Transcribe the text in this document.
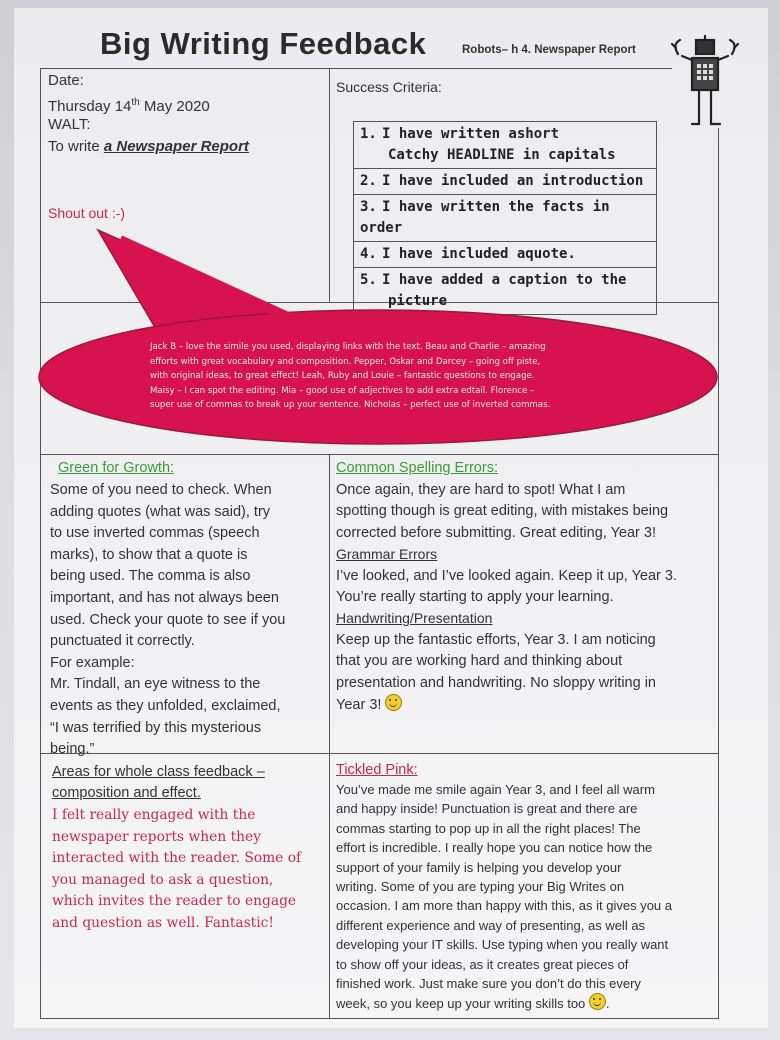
Big Writing Feedback	Robots– h 4. Newspaper Report
Date:
Thursday 14th May 2020
WALT:
To write a Newspaper Report
Shout out :-)
Success Criteria:
1. I have written ashort
Catchy HEADLINE in capitals
2. I have included an introduction
3. I have written the facts in order
4. I have included aquote.
5. I have added a caption to the
picture
Jack B – love the simile you used, displaying links with the text. Beau and Charlie – amazing
efforts with great vocabulary and composition. Pepper, Oskar and Darcey – going off piste,
with original ideas, to great effect! Leah, Ruby and Louie – fantastic questions to engage.
Maisy – I can spot the editing. Mia – good use of adjectives to add extra edtail. Florence –
super use of commas to break up your sentence. Nicholas – perfect use of inverted commas.
Green for Growth:
Some of you need to check. When
adding quotes (what was said), try
to use inverted commas (speech
marks), to show that a quote is
being used. The comma is also
important, and has not always been
used. Check your quote to see if you
punctuated it correctly.
For example:
Mr. Tindall, an eye witness to the
events as they unfolded, exclaimed,
“I was terrified by this mysterious
being.”
Common Spelling Errors:
Once again, they are hard to spot! What I am
spotting though is great editing, with mistakes being
corrected before submitting. Great editing, Year 3!
Grammar Errors
I’ve looked, and I’ve looked again. Keep it up, Year 3.
You’re really starting to apply your learning.
Handwriting/Presentation
Keep up the fantastic efforts, Year 3. I am noticing
that you are working hard and thinking about
presentation and handwriting. No sloppy writing in
Year 3!
Areas for whole class feedback –
composition and effect.
I felt really engaged with the
newspaper reports when they
interacted with the reader. Some of
you managed to ask a question,
which invites the reader to engage
and question as well. Fantastic!
Tickled Pink:
You’ve made me smile again Year 3, and I feel all warm
and happy inside! Punctuation is great and there are
commas starting to pop up in all the right places! The
effort is incredible. I really hope you can notice how the
support of your family is helping you develop your
writing. Some of you are typing your Big Writes on
occasion. I am more than happy with this, as it gives you a
different experience and way of presenting, as well as
developing your IT skills. Use typing when you really want
to show off your ideas, as it creates great pieces of
finished work. Just make sure you don’t do this every
week, so you keep up your writing skills too .
